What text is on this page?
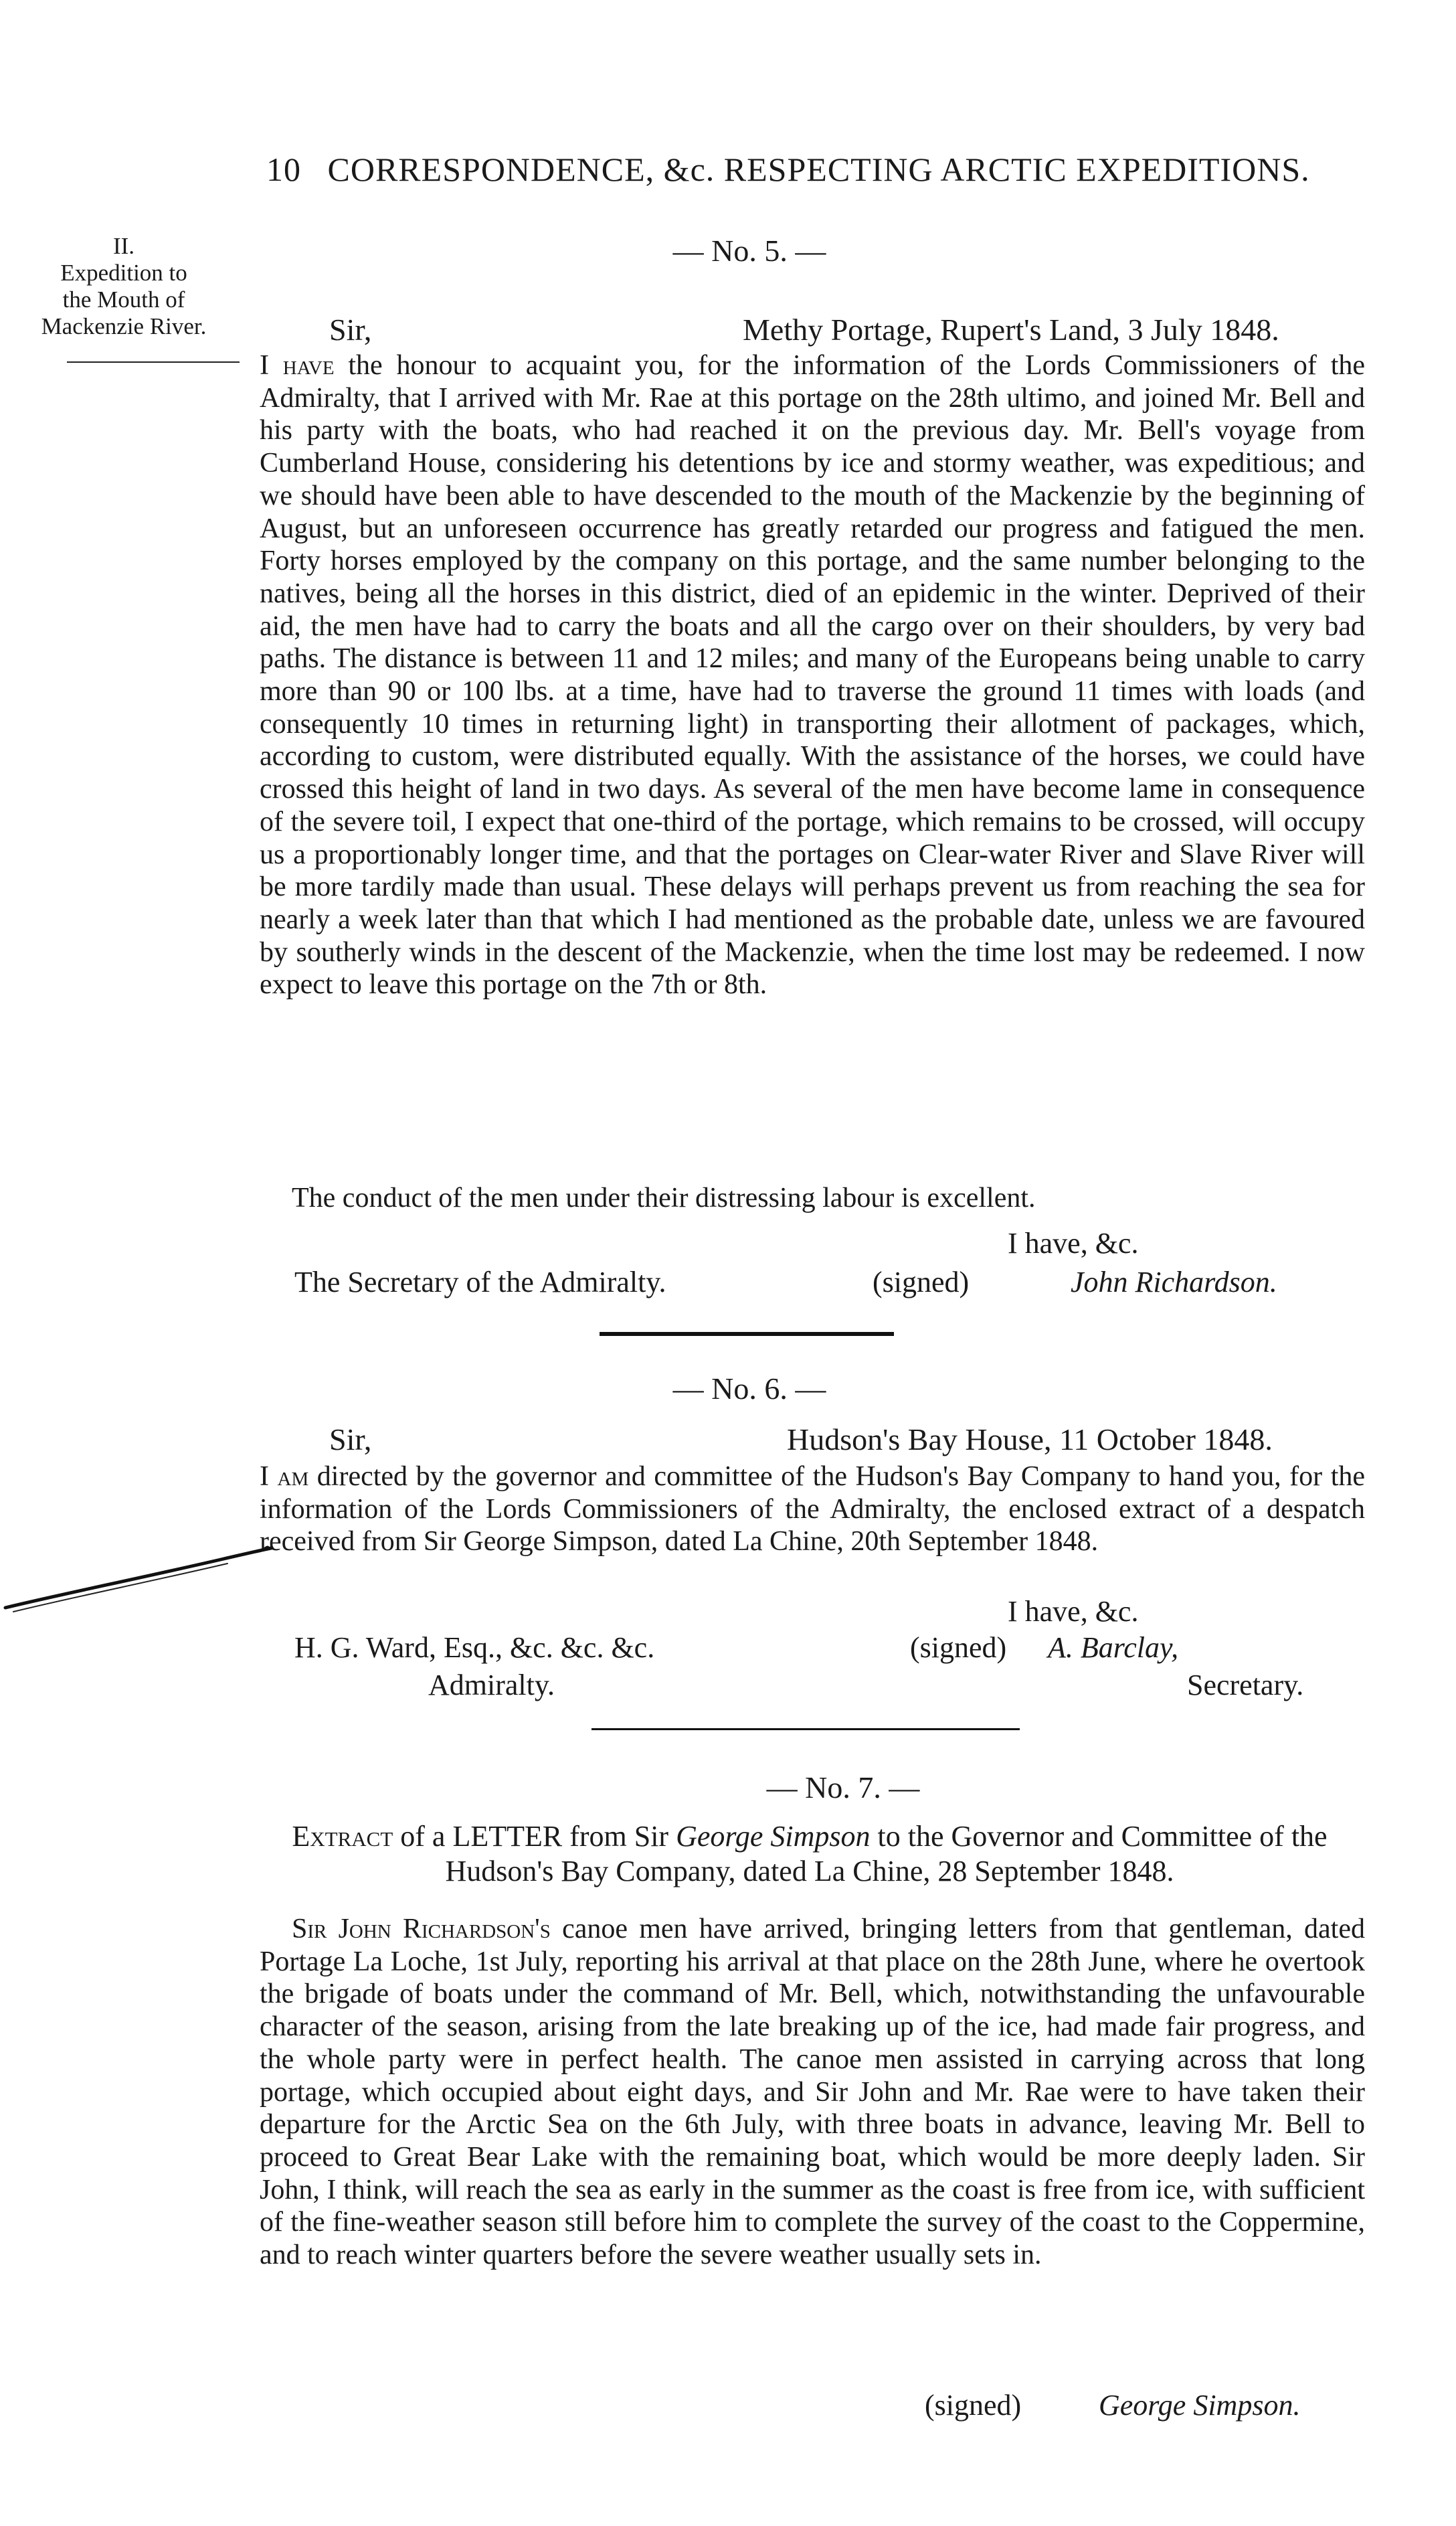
10 CORRESPONDENCE, &c. RESPECTING ARCTIC EXPEDITIONS.
II.
Expedition to
the Mouth of
Mackenzie River.
— No. 5. —
Sir,	Methy Portage, Rupert's Land, 3 July 1848.
I have the honour to acquaint you, for the information of the Lords Commissioners of the Admiralty, that I arrived with Mr. Rae at this portage on the 28th ultimo, and joined Mr. Bell and his party with the boats, who had reached it on the previous day. Mr. Bell's voyage from Cumberland House, considering his detentions by ice and stormy weather, was expeditious; and we should have been able to have descended to the mouth of the Mackenzie by the beginning of August, but an unforeseen occurrence has greatly retarded our progress and fatigued the men. Forty horses employed by the company on this portage, and the same number belonging to the natives, being all the horses in this district, died of an epidemic in the winter. Deprived of their aid, the men have had to carry the boats and all the cargo over on their shoulders, by very bad paths. The distance is between 11 and 12 miles; and many of the Europeans being unable to carry more than 90 or 100 lbs. at a time, have had to traverse the ground 11 times with loads (and consequently 10 times in returning light) in transporting their allotment of packages, which, according to custom, were distributed equally. With the assistance of the horses, we could have crossed this height of land in two days. As several of the men have become lame in consequence of the severe toil, I expect that one-third of the portage, which remains to be crossed, will occupy us a proportionably longer time, and that the portages on Clear-water River and Slave River will be more tardily made than usual. These delays will perhaps prevent us from reaching the sea for nearly a week later than that which I had mentioned as the probable date, unless we are favoured by southerly winds in the descent of the Mackenzie, when the time lost may be redeemed. I now expect to leave this portage on the 7th or 8th.
The conduct of the men under their distressing labour is excellent.
I have, &c.
The Secretary of the Admiralty.	(signed)	John Richardson.
— No. 6. —
Sir,	Hudson's Bay House, 11 October 1848.
I am directed by the governor and committee of the Hudson's Bay Company to hand you, for the information of the Lords Commissioners of the Admiralty, the enclosed extract of a despatch received from Sir George Simpson, dated La Chine, 20th September 1848.
I have, &c.
H. G. Ward, Esq., &c. &c. &c.
Admiralty.
(signed) A. Barclay,
Secretary.
— No. 7. —
Extract of a LETTER from Sir George Simpson to the Governor and Committee of the Hudson's Bay Company, dated La Chine, 28 September 1848.
Sir John Richardson's canoe men have arrived, bringing letters from that gentleman, dated Portage La Loche, 1st July, reporting his arrival at that place on the 28th June, where he overtook the brigade of boats under the command of Mr. Bell, which, notwithstanding the unfavourable character of the season, arising from the late breaking up of the ice, had made fair progress, and the whole party were in perfect health. The canoe men assisted in carrying across that long portage, which occupied about eight days, and Sir John and Mr. Rae were to have taken their departure for the Arctic Sea on the 6th July, with three boats in advance, leaving Mr. Bell to proceed to Great Bear Lake with the remaining boat, which would be more deeply laden. Sir John, I think, will reach the sea as early in the summer as the coast is free from ice, with sufficient of the fine-weather season still before him to complete the survey of the coast to the Coppermine, and to reach winter quarters before the severe weather usually sets in.
(signed)	George Simpson.
